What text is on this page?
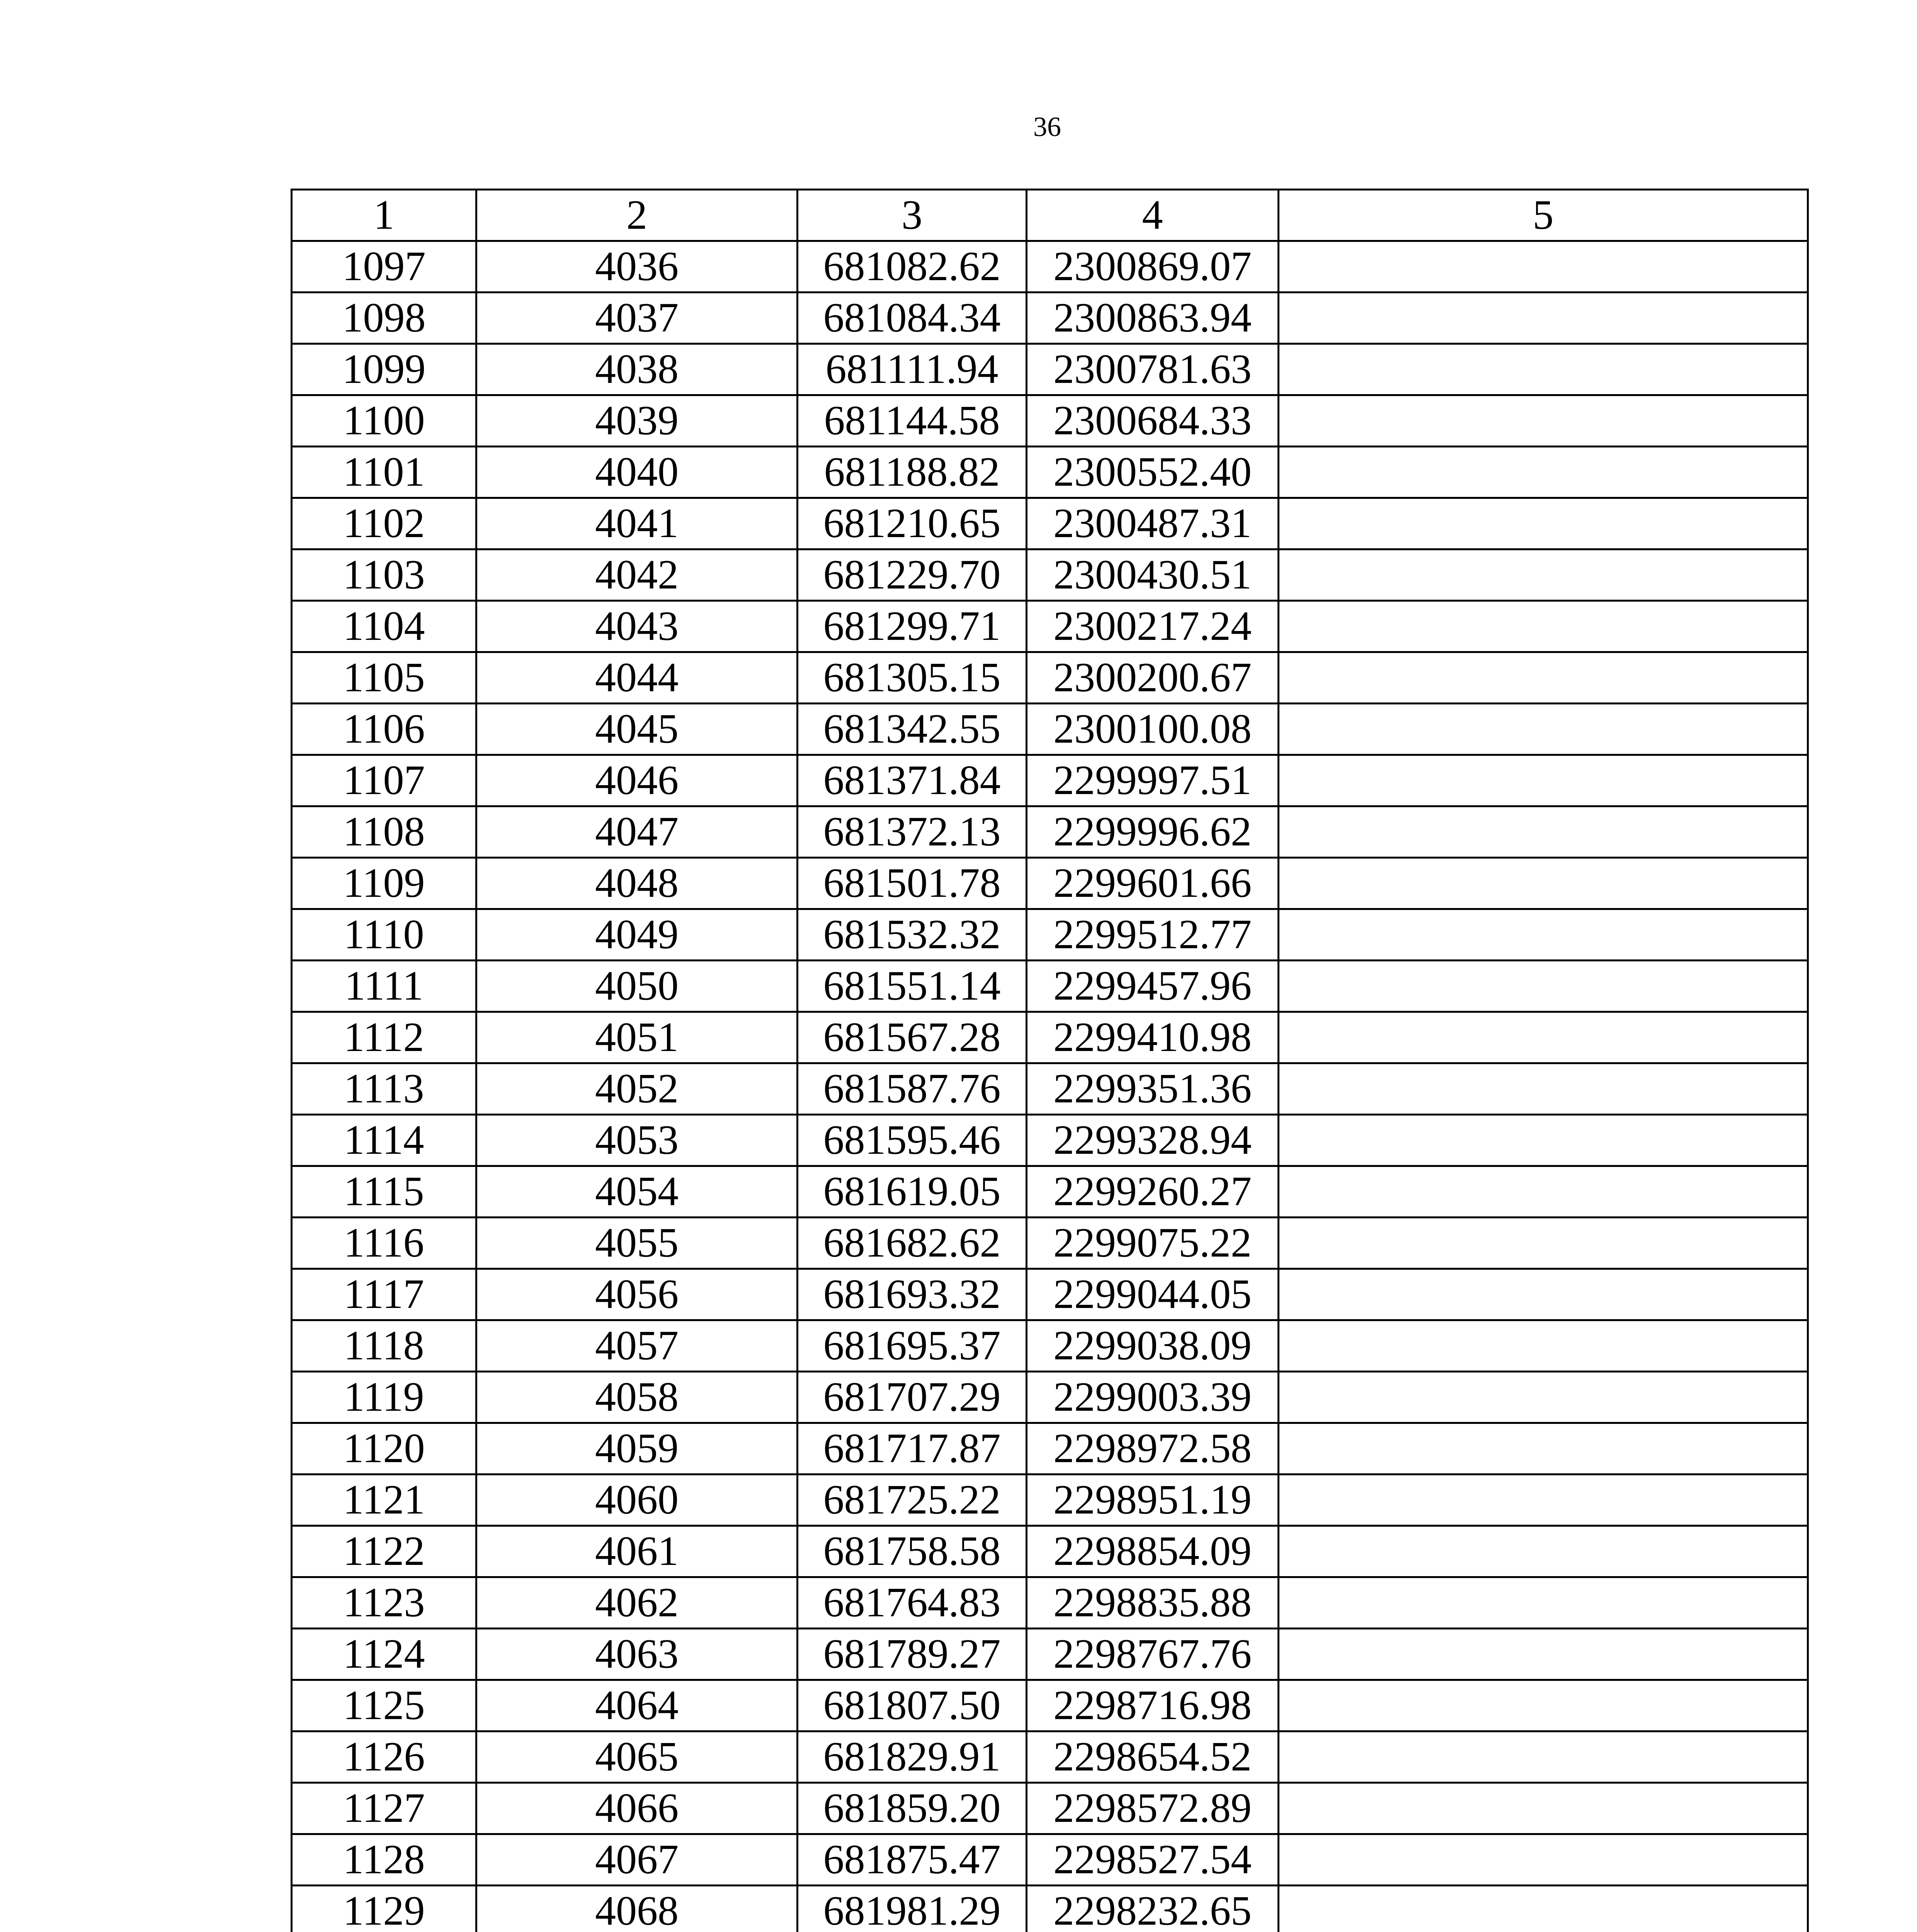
36
1	2	3	4	5
1097	4036	681082.62	2300869.07	
1098	4037	681084.34	2300863.94	
1099	4038	681111.94	2300781.63	
1100	4039	681144.58	2300684.33	
1101	4040	681188.82	2300552.40	
1102	4041	681210.65	2300487.31	
1103	4042	681229.70	2300430.51	
1104	4043	681299.71	2300217.24	
1105	4044	681305.15	2300200.67	
1106	4045	681342.55	2300100.08	
1107	4046	681371.84	2299997.51	
1108	4047	681372.13	2299996.62	
1109	4048	681501.78	2299601.66	
1110	4049	681532.32	2299512.77	
1111	4050	681551.14	2299457.96	
1112	4051	681567.28	2299410.98	
1113	4052	681587.76	2299351.36	
1114	4053	681595.46	2299328.94	
1115	4054	681619.05	2299260.27	
1116	4055	681682.62	2299075.22	
1117	4056	681693.32	2299044.05	
1118	4057	681695.37	2299038.09	
1119	4058	681707.29	2299003.39	
1120	4059	681717.87	2298972.58	
1121	4060	681725.22	2298951.19	
1122	4061	681758.58	2298854.09	
1123	4062	681764.83	2298835.88	
1124	4063	681789.27	2298767.76	
1125	4064	681807.50	2298716.98	
1126	4065	681829.91	2298654.52	
1127	4066	681859.20	2298572.89	
1128	4067	681875.47	2298527.54	
1129	4068	681981.29	2298232.65	
